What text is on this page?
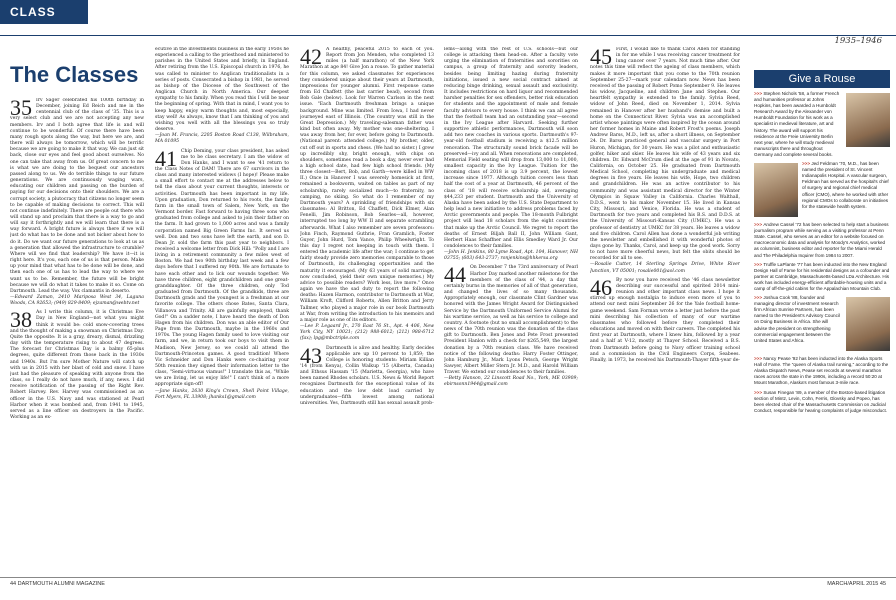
CLASS NOTES	1935–1946
The Classes
35 Irv Sager celebrated his 100th birthday in December, joining Ed Reich and me in the centennial club of the class of '35. This is a very select club and we are not accepting any new members. Irv and I both agree that life is and will continue to be wonderful. Of course there have been many rough spots along the way, but here we are, and there will always be tomorrow, which will be terrific because we are going to make it that way. We can just sit back, close our eyes and feel good about ourselves. No one can take that away from us. Of great concern to me is what we are doing to the bequest our ancestors passed along to us. We do terrible things to our future generations. We are continuously waging wars, educating our children and passing on the burden of paying for our decisions onto their shoulders. We are a corrupt society, a plutocracy that citizens no longer seem to be capable of making decisions to correct. This will not continue indefinitely. There are people out there who will stand up and proclaim that there is a way to go and will say it forthrightly and we will learn that there is a way forward. A bright future is always there if we will just do what has to be done and not bicker about how to do it. Do we want our future generations to look at us as a generation that allowed the infrastructure to crumble? Where will we find that leadership? We have it—it is right here. It's you, each one of us is that person. Make up your mind that what has to be done will be done, and then each one of us has to lead the way to where we want us to be. Remember, the future will be bright because we will do what it takes to make it so. Come on Dartmouth. Lead the way. Vox clamantis in deserto.
—Edward Zaman, 2410 Mariposa West 34, Laguna Woods, CA 92653; (949) 829-8409; ejzaman@webtv.net
38 As I write this column, it is Christmas Eve Day in New England—not what you might think it would be: cold snow-covering trees and the thought of making a snowman on Christmas Day. Quite the opposite: It is a gray, dreary, dismal, drizzling day with the temperature rising to about 47 degrees. The forecast for Christmas Day is a balmy 65-plus degrees, quite different from those back in the 1930s and 1940s. But I'm sure Mother Nature will catch up with us in 2015 with her blast of cold and snow. I have just had the pleasure of speaking with anyone from the class, so I really do not have much, if any, news. I did receive notification of the passing of the Right Rev. Robert Harvey. Rev. Harvey was commissioned as an officer in the U.S. Navy and was stationed at Pearl Harbor when it was bombed and, from 1941 to 1945, served as a line officer on destroyers in the Pacific. Working as an ex-
ecutive in the investments business in the early 1950s he experienced a calling to the priesthood and ministered to parishes in the United States and briefly, in England. After retiring from the U.S. Episcopal church in 1976, he was called to minister to Anglican traditionalists in a series of posts. Consecrated a bishop in 1981, he served as bishop of the Diocese of the Southwest of the Anglican Church in North America. Our deepest sympathy to his family. When you read this I will be near the beginning of spring. With that in mind, I want you to keep happy, enjoy warm thoughts and, most especially, stay well! As always, know that I am thinking of you and wishing you well with all the blessings you so truly deserve.
—Joan M. Francis, 2205 Boston Road C138, Wilbraham, MA 01095
41 Chip Deming, your class president, has asked me to be class secretary. I am the widow of Don Hanks, and I want to see '41 return to the Class Notes of DAM! There are 67 survivors in the class and many interested widows (I hope)! Please make a small effort to contact me at the addresses below to tell the class about your current thoughts, interests or activities. Dartmouth has been important in my life. Upon graduation, Don returned to his roots, the family farm in the small town of Salem, New York, on the Vermont border. Fast forward to having three sons who graduated from college and asked to join their father on the farm. It had grown to 1,000 acres and was a family corporation named Big Green Farms Inc. It served us well. Don and two sons have left the earth, and son D. Dean Jr. sold the farm this past year to neighbors. I received a welcome letter from Dick Hill: "Polly and I are living in a retirement community a few miles west of Boston. We had two 90th birthday last week and a few days before that I suffered my 90th. We are fortunate to have each other and to lick our wounds together. We have three children, eight grandchildren and one great-granddaughter. Of the three children, only Tod graduated from Dartmouth. Of the grandkids, three are Dartmouth grads and the youngest is a freshman at our favorite college. The others chose Bates, Santa Clara, Villanova and Trinity. All are gainfully employed, thank God!" On a sadder note, I have heard the death of Don Hagen from his children. Don was an able editor of Our Page from the Dartmouth, maybe in the 1960s and 1970s. The young Hagen family used to love visiting our farm, and we, in return took our boys to visit them in Madison, New Jersey, so we could all attend the Dartmouth-Princeton games. A good tradition! Where Vic Schneider and Don Hanks were co-chairing your 50th reunion they signed their information letter to the class, "Semi-virtuous viamus!" I translate this as, "While we are living, let us enjoy life!" I can't think of a more appropriate sign-off!
—Jane Hanks, 2630 King's Crown, Shell Point Village, Fort Myers, FL 33908; jhanks1@gmail.com
42 A healthy, peaceful 2015 to each of you. Report from Jon Menden, who completed 13 miles (a half marathon) of the New York Marathon at age 84! Give Jon a rouse. To gather material for this column, we asked classmates for experiences they considered unique about their years at Dartmouth, impressions for younger alumni. First response came from Ed Chaffett (the last carrier bead), second from Bob Gale (below). Look for Warren Carlson in the next issue. "Each Dartmouth freshman brings a unique background. Mine was limited. From Iowa, I had never journeyed east of Illinois. (The country was still in the Great Depression.) My traveling-salesman father was kind but often away. My mother was one-sheltering. I was away from her, for ever, before going to Dartmouth. (National parent: attended college.) My brother, older, cut off out in sports and chess. (We had no sister.) I grew up incredibly shy, bright enough, with chips on shoulders, sometimes read a book a day, never ever had a high school date, had few high school friends. (My three closest—Bert, Bob, and Garth—were killed in WW II.) Once in Hanover I was severely homesick at first, remained a bookworm, waited on tables as part of my scholarship, rarely socialized much—to fraternity, no camping, no skiing. So what do I remember of my Dartmouth years? A sprinkling of friendships with six classmates: Al Britton, Ed Chaffett, Dick Elmer, Alan Fenelli, Jim Robinson, Bob Searles—all, however, interrupted too long by WW II and separate scrambling afterwards. What I also remember are seven professors: John Finch, Raymond Guthrie, Fran Gramlich, Foster Guyer, John Hurd, Tom Vance, Philip Wheelwright. To this day I regret not keeping in touch with them. I entered the academic life after the war; I continue to get fairly steady provide zero memories comparable to those of Dartmouth, its challenging opportunities and the maturity it encouraged. (My 63 years of solid marriage, now concluded, yield their own unique memories.) My advice to possible readers? Work less, live more." Once again we have the sad duty to report the following deaths: Hazen Harmon, contributor to Dartmouth at War, William Kroft, Clifford Roberts, Allen Britton and Jerry Tallmer, who played a major role in our book Dartmouth at War, from writing the introduction to his memoirs and a major role as one of its editors.
—Lee P. Legaard Jr., 270 East 76 St., Apt. 4 406, New York City, NY 10021; (212) 988-6012; (212) 988-6712 (fax); lpg@mbctriple.com
43 Dartmouth is alive and healthy. Early decides applicable are up 10 percent to 1,859; the College is honoring students: Miriam Killian '14 (from Kenya), Collin Walkup '15 (Alberta, Canada) and Ethsus Hassam '15 (Marietta, Georgia), who have been named Rhodes scholars. U.S. News & World Report recognizes Dartmouth for the exceptional value of its education and the low debt load carried by undergraduates—fifth lowest among national universities. Yes, Dartmouth still has sexual assault prob-
lems—along with the rest of U.S. schools—but our college is attacking them head-on. After a faculty vote urging the elimination of fraternities and sororities on campus, a group of fraternity and sorority leaders, besides being limiting hazing during fraternity initiations, issued a new social contract aimed at reducing binge drinking, sexual assault and exclusivity. It includes restrictions on hard liquor and recommended harsher penalties for sex offenders, better risk education for students and the appointment of male and female faculty advisors to every house. I think we can all agree that the football team had an outstanding year—second in the Ivy League after Harvard. Seeking further supportive athletic performances, Dartmouth will soon add two new coaches in various sports. Dartmouth's 97-year-old football stadium is receiving a $12.5 million renovation. The structurally sound brick facade will be preserved—ivy and all. When renovations are completed, Memorial Field seating will drop from 13,000 to 11,000, smallest capacity in the Ivy League. Tuition for the incoming class of 2018 is up 3.9 percent, the lowest increase since 1977. Although tuition covers less than half the cost of a year at Dartmouth, 46 percent of the class of '18 will receive scholarship aid, averaging $44,233 per student. Dartmouth and the University of Alaska have been asked by the U.S. State Department to help lead a new initiative to address problems faced by Arctic governments and people. The 18-month Fulbright project will lead 18 scholars from the eight countries that make up the Arctic Council. We regret to report the deaths of Ernest Biljah Ball II, John William Gant, Herbert Haas Schaffner and Ellis Smedley Ward Jr. Our condolences to their families.
—John H. Jenkins, 80 Lyme Road, Apt. 104, Hanover, NH 03755; (603) 643-2737; ronjenkins@hhkersa.org
44 On December 7 the 73rd anniversary of Pearl Harbor Day marked another milestone for the members of the class of '44, a day that certainly burns in the memories of all of that generation, and changed the lives of so many thousands. Appropriately enough, our classmate Clint Gardner was honored with the James Wright Award for Distinguished Service by the Dartmouth Uniformed Service Alumni for his wartime service, as well as his service to college and country. A footnote (but no small accomplishment) to the news of the 70th reunion was the donation of the class gift to Dartmouth. Ben Jones and Pete Frost presented President Hanlon with a check for $265,549, the largest donation by a 70th reunion class. We have received notice of the following deaths: Harry Foster Ottinger, John Hamburg Jr., Mark Lyons Petsch, George Wright Sawyer, Albert Miller Stern Jr. M.D., and Harold William Traver. We extend our condolences to their families.
—Betty Hanson, 22 Linscott Road No., York, ME 03909; ebirnsonn1944@gmail.com
45 First, I would like to thank Carol Allen for standing in for me while I was receiving cancer treatment for lung cancer over 7 years. Not much time after. Our notes this time will reflect the ageing of class members, which makes it more important that you come to the 70th reunion September 25-27—mark your calendars now. News has been received of the passing of Robert Pomo September 9. He leaves his widow, Jacqueline, and children Jane and Stephen. Our heartfelt sympathy is extended to the family. Sylvia Reed, widow of John Reed, died on November 1, 2014. Sylvia remained in Hanover after her husband's demise and built a home on the Connecticut River. Sylvia was an accomplished artist whose paintings were often inspired by the ocean around her former homes in Maine and Robert Frost's poems. Joseph Andrew Barss, M.D., left us, after a short illness, on September 24. Dr. Barss practiced general and vascular surgery in Port Huron, Michigan, for 30 years. He was a pilot and enthusiastic golfer, hiker and skier. He leaves his wife of 43 years and six children. Dr. Edward McCrum died at the age of 91 in Novato, California, on October 25. He graduated from Dartmouth Medical School, completing his undergraduate and medical degrees in five years. He leaves his wife, Hope, two children and grandchildren. He was an active contributor to his community and was assistant medical director for the Winter Olympics in Squaw Valley in California. Charles Walthall, D.D.S., went to his maker November 15. He lived in Kansas City, Missouri, and Venice, Florida. He was a student of Dartmouth for two years and completed his B.S. and D.D.S. at the University of Missouri-Kansas City (UMKC). He was a professor of dentistry at UMKC for 38 years. He leaves a widow and five children. Carol Allen has done a wonderful job writing the newsletter and embellished it with wonderful photos of days gone by. Thanks, Carol, and keep up the good work. Sorry to not have more cheerful news, but felt the obits should be recorded for all to see.
—Rosalie Cutter, 14 Sterling Springs Drive, White River Junction, VT 05001; rosalie001@aol.com
46 By now you have received the '46 class newsletter describing our successful and spirited 2014 mini-reunion and other important class news. I hope it stirred up enough nostalgia to induce even more of you to attend our next mini September 26 for the Yale football home-game weekend. Sam Forman wrote a letter just before the past mini describing his collection of many of our wartime classmates who followed before they completed their educations and moved on with their careers. The completed his first year at Dartmouth, where I knew him, followed by a year and a half at V-12, mostly at Thayer School. Received a B.S. from Dartmouth before going to Navy officer training school and a commission in the Civil Engineers Corps, Seabees. Finally, in 1973, he received his Dartmouth-Thayer fifth-year de-
Give a Rouse
>>> Stephen Nichols '58, a former French and humanities professor at Johns Hopkins, has been awarded a Humboldt Research Award by the Alexander von Humboldt Foundation for his work as a specialist in medieval literature, art and history. The award will support his residence at the Freie University Berlin next year, where he will study medieval manuscripts there and throughout Germany and complete several books.
>>> Jed Feldman '70, M.D., has been named the president of St. Vincent Indianapolis Hospital. A vascular surgeon, Feldman has served as the hospital's chief of surgery and regional chief medical officer (CMO), where he worked with other regional CMOs to collaborate on initiatives for the statewide health system.
>>> Andrew Cassel '72 has been selected to help start a business journalism program while serving as a visiting professor at Penn State. Cassel, who serves as an editor for a website focused on macroeconomic data and analysis for Moody's Analytics, worked as columnist, business editor and reporter for the Miami Herald and The Philadelphia Inquirer from 1984 to 2007.
>>> Truffle LaPlante '77 has been inducted into the New England Design Hall of Fame for his residential designs as a cofounder and partner at Cambridge, Massachusetts-based LDa Architecture. His work has included energy-efficient affordable-housing units and a camp of off-the-grid cabins for the Appalachian Mountain Club.
>>> Joshua Cook '88, founder and managing director of investment research firm African Sunrise Partners, has been named to the President's Advisory Council on Doing Business in Africa. She will advise the president on strengthening commercial engagement between the United States and Africa.
>>> Nancy Pease '92 has been inducted into the Alaska Sports Hall of Fame. The "queen of Alaska trail running," according to the Alaska Dispatch News, Pease set records at several marathon races across the state in the 1990s, including a record 50:20 at Mount Marathon, Alaska's most famous 3-mile race.
>>> Susan Finegan '89, a member of the Boston-based litigation section of Mintz, Levin, Cohn, Ferris, Glovsky and Popeo, has been elected chair of the Massachusetts Commission on Judicial Conduct, responsible for hearing complaints of judge misconduct.
44 DARTMOUTH ALUMNI MAGAZINE	MARCH/APRIL 2015 45
